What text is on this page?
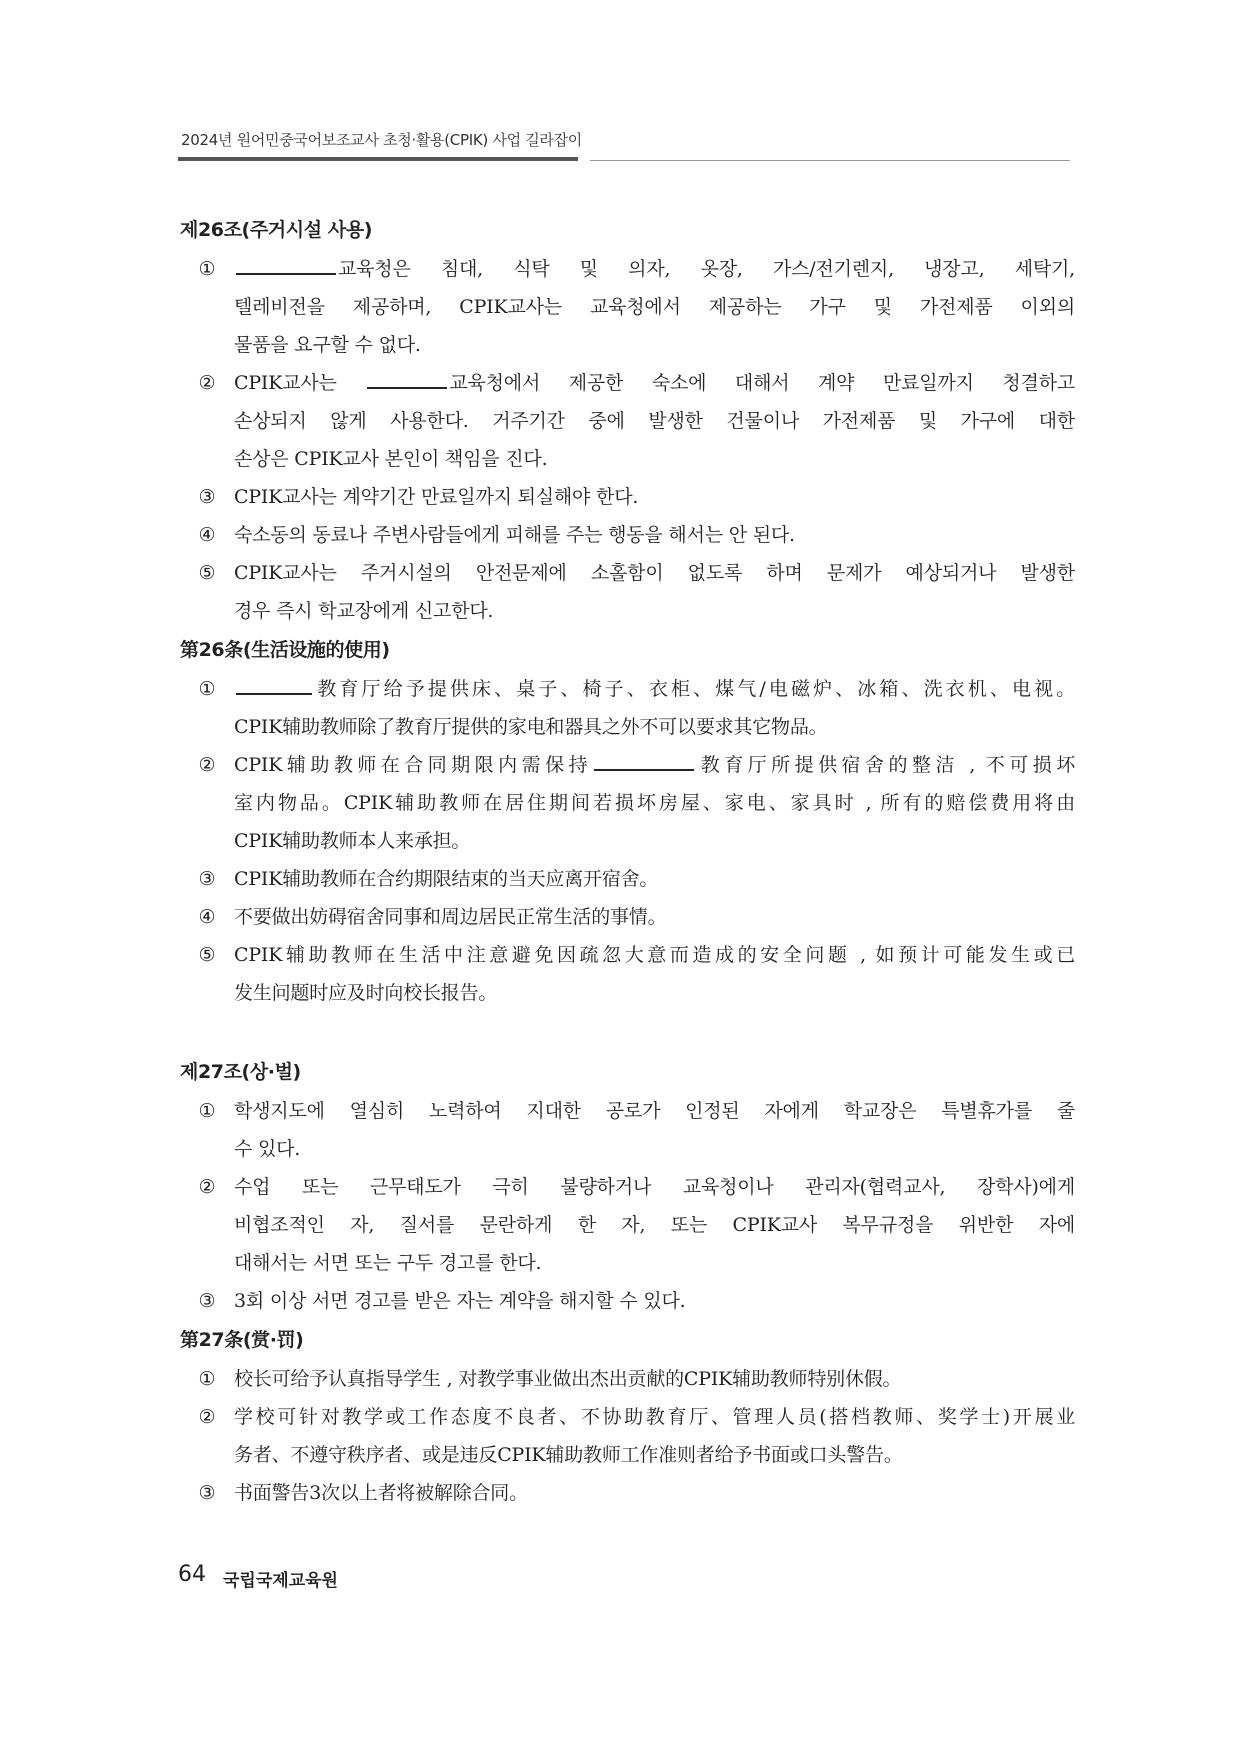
2024년 원어민중국어보조교사 초청·활용(CPIK) 사업 길라잡이
제26조(주거시설 사용)
①	교육청은 침대, 식탁 및 의자, 옷장, 가스/전기렌지, 냉장고, 세탁기,
텔레비전을 제공하며, CPIK교사는 교육청에서 제공하는 가구 및 가전제품 이외의
물품을 요구할 수 없다.
② CPIK교사는	교육청에서 제공한 숙소에 대해서 계약 만료일까지 청결하고
손상되지 않게 사용한다. 거주기간 중에 발생한 건물이나 가전제품 및 가구에 대한
손상은 CPIK교사 본인이 책임을 진다.
③ CPIK교사는 계약기간 만료일까지 퇴실해야 한다.
④ 숙소동의 동료나 주변사람들에게 피해를 주는 행동을 해서는 안 된다.
⑤ CPIK교사는 주거시설의 안전문제에 소홀함이 없도록 하며 문제가 예상되거나 발생한
경우 즉시 학교장에게 신고한다.
第26条(生活设施的使用)
①	教育厅给予提供床、桌子、椅子、衣柜、煤气/电磁炉、冰箱、洗衣机、电视。
CPIK辅助教师除了教育厅提供的家电和器具之外不可以要求其它物品。
② CPIK辅助教师在合同期限内需保持	教育厅所提供宿舍的整洁 , 不可损坏
室内物品。CPIK辅助教师在居住期间若损坏房屋、家电、家具时 , 所有的赔偿费用将由
CPIK辅助教师本人来承担。
③ CPIK辅助教师在合约期限结束的当天应离开宿舍。
④ 不要做出妨碍宿舍同事和周边居民正常生活的事情。
⑤ CPIK辅助教师在生活中注意避免因疏忽大意而造成的安全问题 , 如预计可能发生或已
发生问题时应及时向校长报告。
제27조(상·벌)
① 학생지도에 열심히 노력하여 지대한 공로가 인정된 자에게 학교장은 특별휴가를 줄
수 있다.
② 수업 또는 근무태도가 극히 불량하거나 교육청이나 관리자(협력교사, 장학사)에게
비협조적인 자, 질서를 문란하게 한 자, 또는 CPIK교사 복무규정을 위반한 자에
대해서는 서면 또는 구두 경고를 한다.
③ 3회 이상 서면 경고를 받은 자는 계약을 해지할 수 있다.
第27条(赏·罚)
① 校长可给予认真指导学生 , 对教学事业做出杰出贡献的CPIK辅助教师特别休假。
② 学校可针对教学或工作态度不良者、不协助教育厅、管理人员(搭档教师、奖学士)开展业
务者、不遵守秩序者、或是违反CPIK辅助教师工作准则者给予书面或口头警告。
③ 书面警告3次以上者将被解除合同。
64 국립국제교육원
